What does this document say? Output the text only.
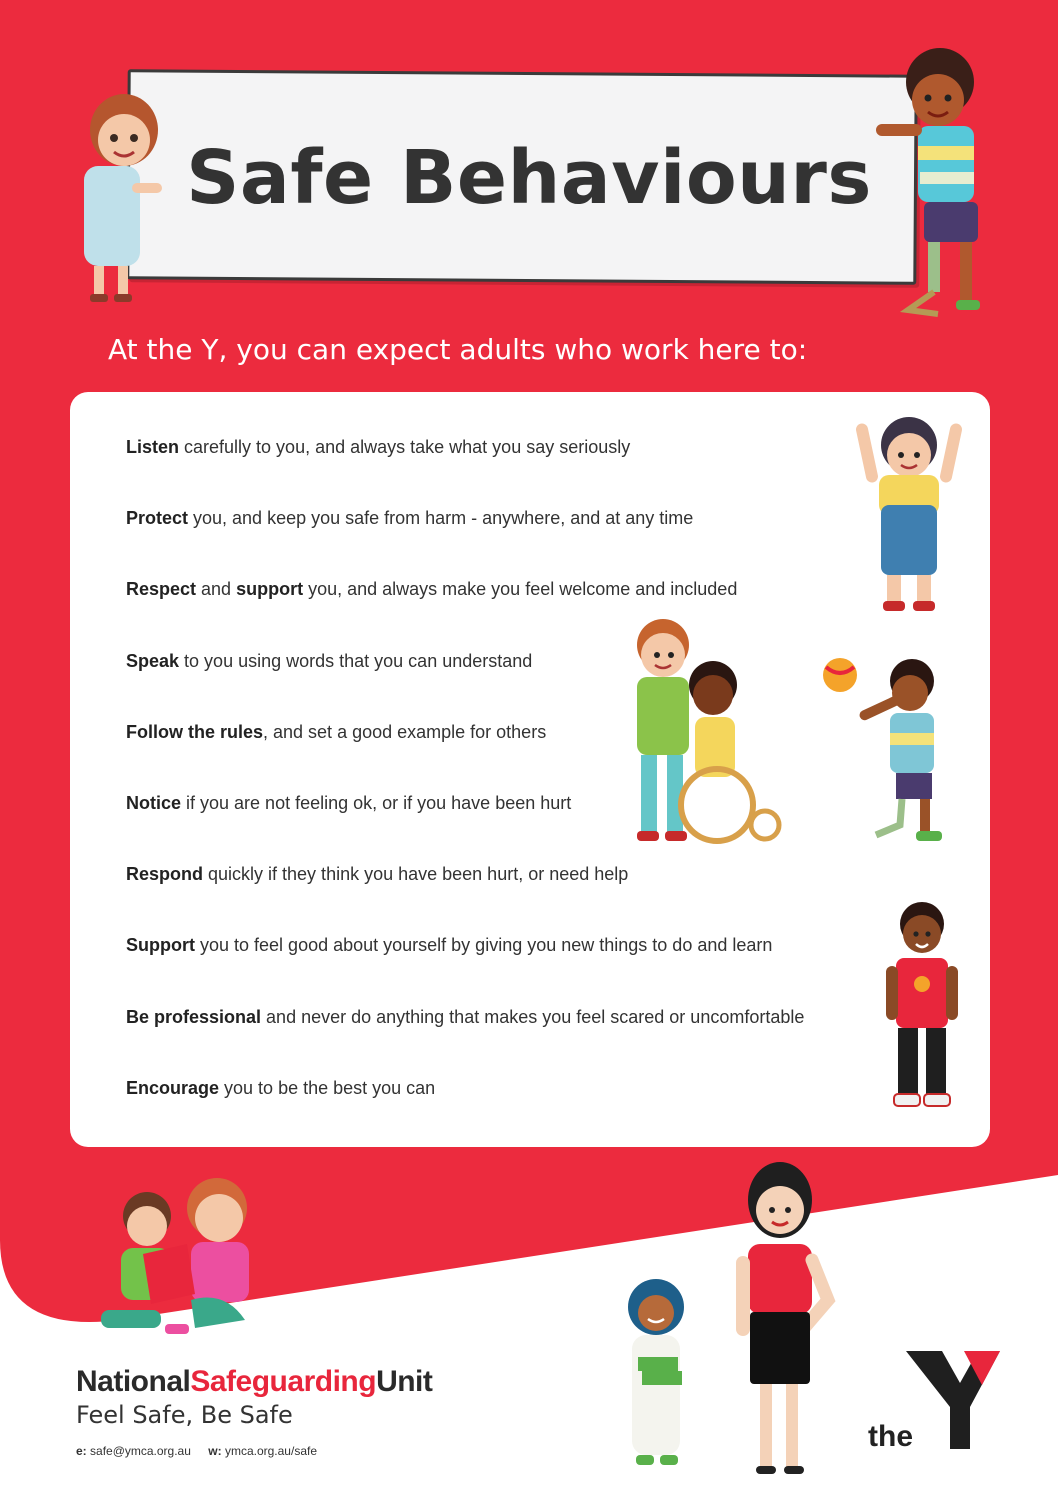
Safe Behaviours

At the Y, you can expect adults who work here to:

Listen carefully to you, and always take what you say seriously
Protect you, and keep you safe from harm - anywhere, and at any time
Respect and support you, and always make you feel welcome and included
Speak to you using words that you can understand
Follow the rules, and set a good example for others
Notice if you are not feeling ok, or if you have been hurt
Respond quickly if they think you have been hurt, or need help
Support you to feel good about yourself by giving you new things to do and learn
Be professional and never do anything that makes you feel scared or uncomfortable
Encourage you to be the best you can
NationalSafeguardingUnit
Feel Safe, Be Safe
e: safe@ymca.org.au w: ymca.org.au/safe	the
